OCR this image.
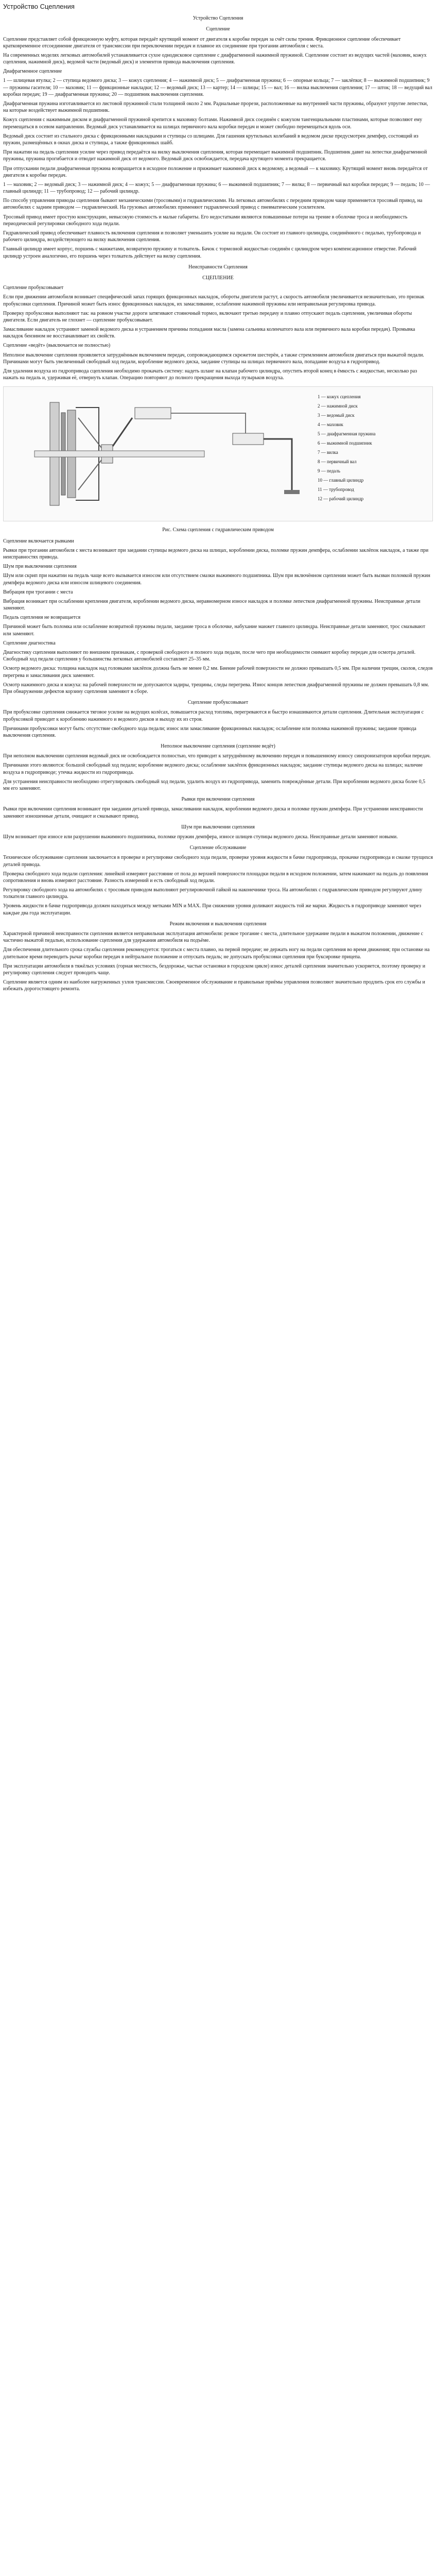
Устройство Сцепления
Устройство Сцепления

Сцепление

Сцепление представляет собой фрикционную муфту, которая передаёт крутящий момент от двигателя к коробке передач за счёт силы трения. Фрикционное сцепление обеспечивает кратковременное отсоединение двигателя от трансмиссии при переключении передач и плавное их соединение при трогании автомобиля с места.

На современных моделях легковых автомобилей устанавливается сухое однодисковое сцепление с диафрагменной нажимной пружиной. Сцепление состоит из ведущих частей (маховик, кожух сцепления, нажимной диск), ведомой части (ведомый диск) и элементов привода выключения сцепления.

Диафрагменное сцепление

1 — шлицевая втулка; 2 — ступица ведомого диска; 3 — кожух сцепления; 4 — нажимной диск; 5 — диафрагменная пружина; 6 — опорные кольца; 7 — заклёпки; 8 — выжимной подшипник; 9 — пружины гасителя; 10 — маховик; 11 — фрикционные накладки; 12 — ведомый диск; 13 — картер; 14 — шлицы; 15 — вал; 16 — вилка выключения сцепления; 17 — шток; 18 — ведущий вал коробки передач; 19 — диафрагменная пружина; 20 — подшипник выключения сцепления.

Диафрагменная пружина изготавливается из листовой пружинной стали толщиной около 2 мм. Радиальные прорези, расположенные на внутренней части пружины, образуют упругие лепестки, на которые воздействует выжимной подшипник.

Кожух сцепления с нажимным диском и диафрагменной пружиной крепится к маховику болтами. Нажимной диск соединён с кожухом тангенциальными пластинами, которые позволяют ему перемещаться в осевом направлении. Ведомый диск устанавливается на шлицах первичного вала коробки передач и может свободно перемещаться вдоль оси.

Ведомый диск состоит из стального диска с фрикционными накладками и ступицы со шлицами. Для гашения крутильных колебаний в ведомом диске предусмотрен демпфер, состоящий из пружин, размещённых в окнах диска и ступицы, а также фрикционных шайб.

При нажатии на педаль сцепления усилие через привод передаётся на вилку выключения сцепления, которая перемещает выжимной подшипник. Подшипник давит на лепестки диафрагменной пружины, пружина прогибается и отводит нажимной диск от ведомого. Ведомый диск освобождается, передача крутящего момента прекращается.

При отпускании педали диафрагменная пружина возвращается в исходное положение и прижимает нажимной диск к ведомому, а ведомый — к маховику. Крутящий момент вновь передаётся от двигателя к коробке передач.

1 — маховик; 2 — ведомый диск; 3 — нажимной диск; 4 — кожух; 5 — диафрагменная пружина; 6 — выжимной подшипник; 7 — вилка; 8 — первичный вал коробки передач; 9 — педаль; 10 — главный цилиндр; 11 — трубопровод; 12 — рабочий цилиндр.

По способу управления приводы сцепления бывают механическими (тросовыми) и гидравлическими. На легковых автомобилях с передним приводом чаще применяется тросовый привод, на автомобилях с задним приводом — гидравлический. На грузовых автомобилях применяют гидравлический привод с пневматическим усилителем.

Тросовый привод имеет простую конструкцию, невысокую стоимость и малые габариты. Его недостатками являются повышенные потери на трение в оболочке троса и необходимость периодической регулировки свободного хода педали.

Гидравлический привод обеспечивает плавность включения сцепления и позволяет уменьшить усилие на педали. Он состоит из главного цилиндра, соединённого с педалью, трубопровода и рабочего цилиндра, воздействующего на вилку выключения сцепления.

Главный цилиндр имеет корпус, поршень с манжетами, возвратную пружину и толкатель. Бачок с тормозной жидкостью соединён с цилиндром через компенсационное отверстие. Рабочий цилиндр устроен аналогично, его поршень через толкатель действует на вилку сцепления.

Неисправности Сцепления

СЦЕПЛЕНИЕ

Сцепление пробуксовывает

Если при движении автомобиля возникает специфический запах горящих фрикционных накладок, обороты двигателя растут, а скорость автомобиля увеличивается незначительно, это признак пробуксовки сцепления. Причиной может быть износ фрикционных накладок, их замасливание, ослабление нажимной пружины или неправильная регулировка привода.

Проверку пробуксовки выполняют так: на ровном участке дороги затягивают стояночный тормоз, включают третью передачу и плавно отпускают педаль сцепления, увеличивая обороты двигателя. Если двигатель не глохнет — сцепление пробуксовывает.

Замасливание накладок устраняют заменой ведомого диска и устранением причины попадания масла (замена сальника коленчатого вала или первичного вала коробки передач). Промывка накладок бензином не восстанавливает их свойств.

Сцепление «ведёт» (выключается не полностью)

Неполное выключение сцепления проявляется затруднённым включением передач, сопровождающимся скрежетом шестерён, а также стремлением автомобиля двигаться при выжатой педали. Причинами могут быть увеличенный свободный ход педали, коробление ведомого диска, заедание ступицы на шлицах первичного вала, попадание воздуха в гидропривод.

Для удаления воздуха из гидропривода сцепления необходимо прокачать систему: надеть шланг на клапан рабочего цилиндра, опустить второй конец в ёмкость с жидкостью, несколько раз нажать на педаль и, удерживая её, отвернуть клапан. Операцию повторяют до полного прекращения выхода пузырьков воздуха.

1 — кожух сцепления
2 — нажимной диск
3 — ведомый диск
4 — маховик
5 — диафрагменная пружина
6 — выжимной подшипник
7 — вилка
8 — первичный вал
9 — педаль
10 — главный цилиндр
11 — трубопровод
12 — рабочий цилиндр
Рис. Схема сцепления с гидравлическим приводом

Сцепление включается рывками

Рывки при трогании автомобиля с места возникают при заедании ступицы ведомого диска на шлицах, короблении диска, поломке пружин демпфера, ослаблении заклёпок накладок, а также при неисправностях привода.

Шум при выключении сцепления

Шум или скрип при нажатии на педаль чаще всего вызывается износом или отсутствием смазки выжимного подшипника. Шум при включённом сцеплении может быть вызван поломкой пружин демпфера ведомого диска или износом шлицевого соединения.

Вибрация при трогании с места

Вибрация возникает при ослаблении крепления двигателя, короблении ведомого диска, неравномерном износе накладок и поломке лепестков диафрагменной пружины. Неисправные детали заменяют.

Педаль сцепления не возвращается

Причиной может быть поломка или ослабление возвратной пружины педали, заедание троса в оболочке, набухание манжет главного цилиндра. Неисправные детали заменяют, трос смазывают или заменяют.

Сцепление диагностика

Диагностику сцепления выполняют по внешним признакам, с проверкой свободного и полного хода педали, после чего при необходимости снимают коробку передач для осмотра деталей. Свободный ход педали сцепления у большинства легковых автомобилей составляет 25–35 мм.

Осмотр ведомого диска: толщина накладок над головками заклёпок должна быть не менее 0,2 мм. Биение рабочей поверхности не должно превышать 0,5 мм. При наличии трещин, сколов, следов перегрева и замасливания диск заменяют.

Осмотр нажимного диска и кожуха: на рабочей поверхности не допускаются задиры, трещины, следы перегрева. Износ концов лепестков диафрагменной пружины не должен превышать 0,8 мм. При обнаружении дефектов корзину сцепления заменяют в сборе.

Сцепление пробуксовывает

При пробуксовке сцепления снижается тяговое усилие на ведущих колёсах, повышается расход топлива, перегреваются и быстро изнашиваются детали сцепления. Длительная эксплуатация с пробуксовкой приводит к короблению нажимного и ведомого дисков и выходу их из строя.

Причинами пробуксовки могут быть: отсутствие свободного хода педали; износ или замасливание фрикционных накладок; ослабление или поломка нажимной пружины; заедание привода выключения сцепления.

Неполное выключение сцепления (сцепление ведёт)

При неполном выключении сцепления ведомый диск не освобождается полностью, что приводит к затруднённому включению передач и повышенному износу синхронизаторов коробки передач.

Причинами этого являются: большой свободный ход педали; коробление ведомого диска; ослабление заклёпок фрикционных накладок; заедание ступицы ведомого диска на шлицах; наличие воздуха в гидроприводе; утечка жидкости из гидропривода.

Для устранения неисправности необходимо отрегулировать свободный ход педали, удалить воздух из гидропривода, заменить повреждённые детали. При короблении ведомого диска более 0,5 мм его заменяют.

Рывки при включении сцепления

Рывки при включении сцепления возникают при заедании деталей привода, замасливании накладок, короблении ведомого диска и поломке пружин демпфера. При устранении неисправности заменяют изношенные детали, очищают и смазывают привод.

Шум при выключении сцепления

Шум возникает при износе или разрушении выжимного подшипника, поломке пружин демпфера, износе шлицев ступицы ведомого диска. Неисправные детали заменяют новыми.

Сцепление обслуживание

Техническое обслуживание сцепления заключается в проверке и регулировке свободного хода педали, проверке уровня жидкости в бачке гидропривода, прокачке гидропривода и смазке трущихся деталей привода.

Проверка свободного хода педали сцепления: линейкой измеряют расстояние от пола до верхней поверхности площадки педали в исходном положении, затем нажимают на педаль до появления сопротивления и вновь измеряют расстояние. Разность измерений и есть свободный ход педали.

Регулировку свободного хода на автомобилях с тросовым приводом выполняют регулировочной гайкой на наконечнике троса. На автомобилях с гидравлическим приводом регулируют длину толкателя главного цилиндра.

Уровень жидкости в бачке гидропривода должен находиться между метками MIN и MAX. При снижении уровня доливают жидкость той же марки. Жидкость в гидроприводе заменяют через каждые два года эксплуатации.

Режим включения и выключения сцепления

Характерной причиной неисправности сцепления является неправильная эксплуатация автомобиля: резкое трогание с места, длительное удержание педали в выжатом положении, движение с частично выжатой педалью, использование сцепления для удержания автомобиля на подъёме.

Для обеспечения длительного срока службы сцепления рекомендуется: трогаться с места плавно, на первой передаче; не держать ногу на педали сцепления во время движения; при остановке на длительное время переводить рычаг коробки передач в нейтральное положение и отпускать педаль; не допускать пробуксовки сцепления при буксировке прицепа.

При эксплуатации автомобиля в тяжёлых условиях (горная местность, бездорожье, частые остановки в городском цикле) износ деталей сцепления значительно ускоряется, поэтому проверку и регулировку сцепления следует проводить чаще.

Сцепление является одним из наиболее нагруженных узлов трансмиссии. Своевременное обслуживание и правильные приёмы управления позволяют значительно продлить срок его службы и избежать дорогостоящего ремонта.
